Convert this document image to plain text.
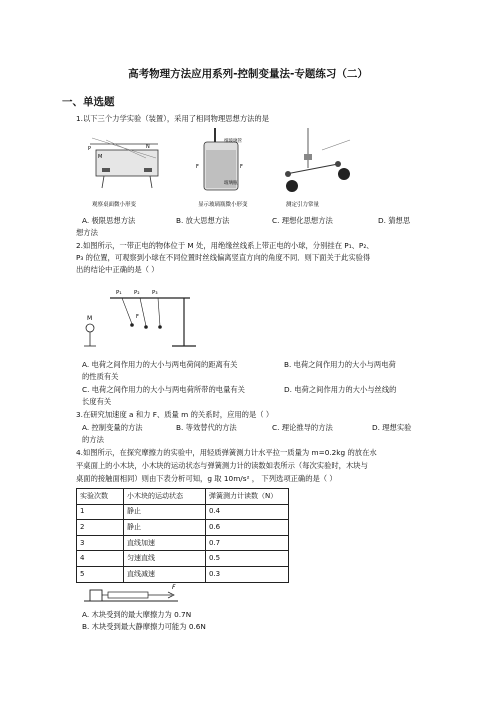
高考物理方法应用系列-控制变量法-专题练习（二）
一、单选题
1.以下三个力学实验（装置），采用了相同物理思想方法的是
M
N
P
观察桌面微小形变
细玻璃管
玻璃瓶
F	F
显示玻璃瓶微小形变	测定引力常量
A. 极限思想方法	B. 放大思想方法	C. 理想化思想方法	D. 猜想思
想方法
2.如图所示，一带正电的物体位于 M 处，用绝缘丝线系上带正电的小球，分别挂在 P₁、P₂、
P₃ 的位置，可观察到小球在不同位置时丝线偏离竖直方向的角度不同．则下面关于此实验得
出的结论中正确的是（ ）
M
P₁ P₂ P₃
F
A. 电荷之间作用力的大小与两电荷间的距离有关	B. 电荷之间作用力的大小与两电荷
的性质有关
C. 电荷之间作用力的大小与两电荷所带的电量有关	D. 电荷之间作用力的大小与丝线的
长度有关
3.在研究加速度 a 和力 F、质量 m 的关系时，应用的是（ ）
A. 控制变量的方法	B. 等效替代的方法	C. 理论推导的方法	D. 理想实验
的方法
4.如图所示，在探究摩擦力的实验中，用轻质弹簧测力计水平拉一质量为 m=0.2kg 的放在水
平桌面上的小木块，小木块的运动状态与弹簧测力计的读数如表所示（每次实验时，木块与
桌面的接触面相同）则由下表分析可知，g 取 10m/s² ， 下列选项正确的是（ ）
实验次数	小木块的运动状态	弹簧测力计读数（N）
1	静止	0.4
2	静止	0.6
3	直线加速	0.7
4	匀速直线	0.5
5	直线减速	0.3
F
A. 木块受到的最大摩擦力为 0.7N
B. 木块受到最大静摩擦力可能为 0.6N
